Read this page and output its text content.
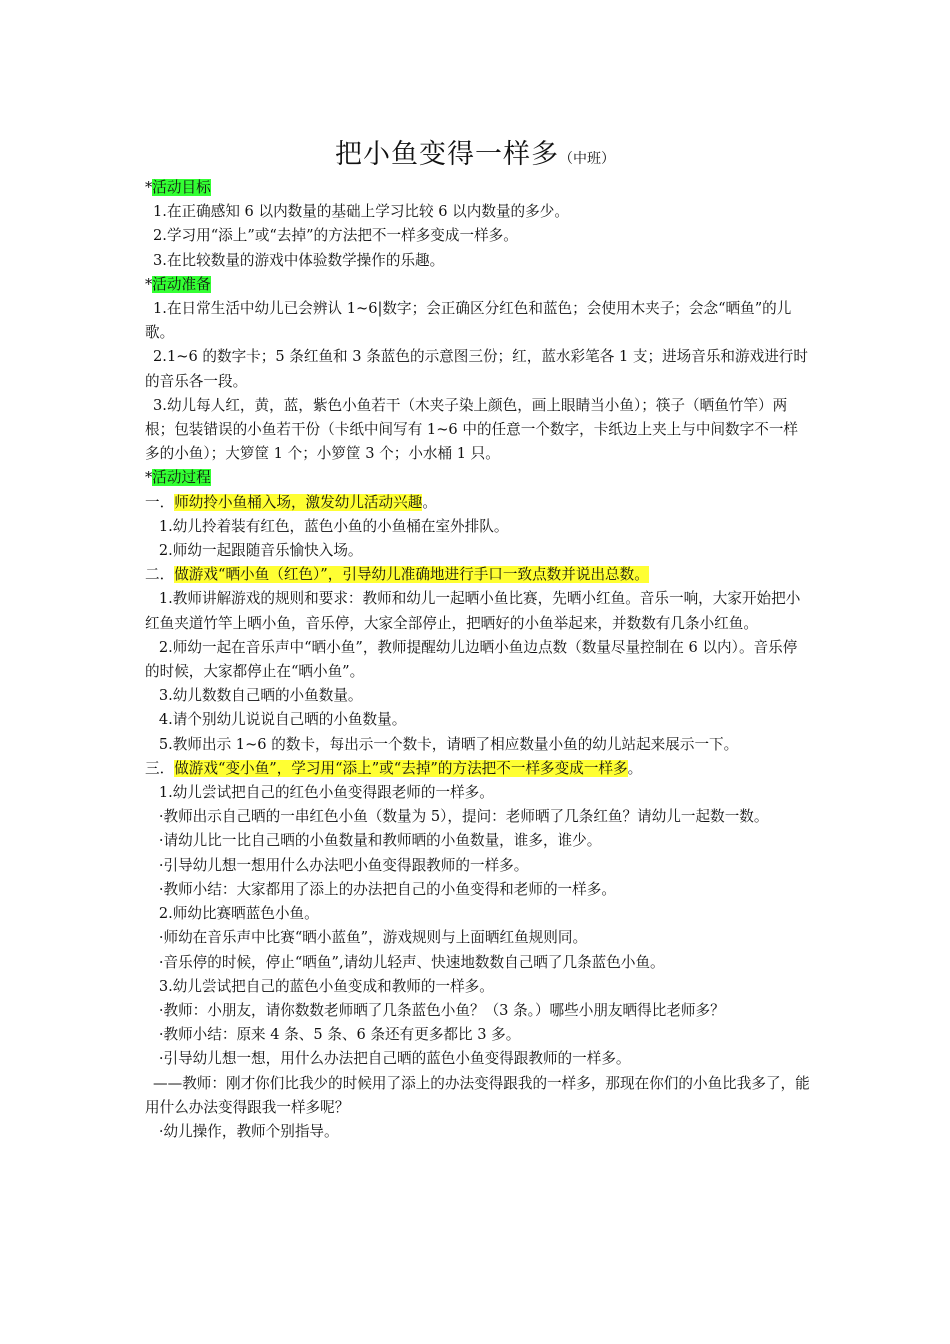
把小鱼变得一样多（中班）

*活动目标

1.在正确感知 6 以内数量的基础上学习比较 6 以内数量的多少。

2.学习用“添上”或“去掉”的方法把不一样多变成一样多。

3.在比较数量的游戏中体验数学操作的乐趣。

*活动准备

1.在日常生活中幼儿已会辨认 1~6|数字；会正确区分红色和蓝色；会使用木夹子；会念“晒鱼”的儿歌。

2.1~6 的数字卡；5 条红鱼和 3 条蓝色的示意图三份；红，蓝水彩笔各 1 支；进场音乐和游戏进行时的音乐各一段。

3.幼儿每人红，黄，蓝，紫色小鱼若干（木夹子染上颜色，画上眼睛当小鱼）；筷子（晒鱼竹竿）两根；包装错误的小鱼若干份（卡纸中间写有 1~6 中的任意一个数字，卡纸边上夹上与中间数字不一样多的小鱼）；大箩筐 1 个；小箩筐 3 个；小水桶 1 只。

*活动过程

一．师幼拎小鱼桶入场，激发幼儿活动兴趣。

1.幼儿拎着装有红色，蓝色小鱼的小鱼桶在室外排队。

2.师幼一起跟随音乐愉快入场。

二．做游戏“晒小鱼（红色）”，引导幼儿准确地进行手口一致点数并说出总数。

1.教师讲解游戏的规则和要求：教师和幼儿一起晒小鱼比赛，先晒小红鱼。音乐一响，大家开始把小红鱼夹道竹竿上晒小鱼，音乐停，大家全部停止，把晒好的小鱼举起来，并数数有几条小红鱼。

2.师幼一起在音乐声中“晒小鱼”，教师提醒幼儿边晒小鱼边点数（数量尽量控制在 6 以内）。音乐停的时候，大家都停止在“晒小鱼”。

3.幼儿数数自己晒的小鱼数量。

4.请个别幼儿说说自己晒的小鱼数量。

5.教师出示 1~6 的数卡，每出示一个数卡，请晒了相应数量小鱼的幼儿站起来展示一下。

三．做游戏“变小鱼”，学习用“添上”或“去掉”的方法把不一样多变成一样多。

1.幼儿尝试把自己的红色小鱼变得跟老师的一样多。

·教师出示自己晒的一串红色小鱼（数量为 5），提问：老师晒了几条红鱼？请幼儿一起数一数。

·请幼儿比一比自己晒的小鱼数量和教师晒的小鱼数量，谁多，谁少。

·引导幼儿想一想用什么办法吧小鱼变得跟教师的一样多。

·教师小结：大家都用了添上的办法把自己的小鱼变得和老师的一样多。

2.师幼比赛晒蓝色小鱼。

·师幼在音乐声中比赛“晒小蓝鱼”，游戏规则与上面晒红鱼规则同。

·音乐停的时候，停止“晒鱼”,请幼儿轻声、快速地数数自己晒了几条蓝色小鱼。

3.幼儿尝试把自己的蓝色小鱼变成和教师的一样多。

·教师：小朋友，请你数数老师晒了几条蓝色小鱼？（3 条。）哪些小朋友晒得比老师多？

·教师小结：原来 4 条、5 条、6 条还有更多都比 3 多。

·引导幼儿想一想，用什么办法把自己晒的蓝色小鱼变得跟教师的一样多。

——教师：刚才你们比我少的时候用了添上的办法变得跟我的一样多，那现在你们的小鱼比我多了，能用什么办法变得跟我一样多呢？

·幼儿操作，教师个别指导。
